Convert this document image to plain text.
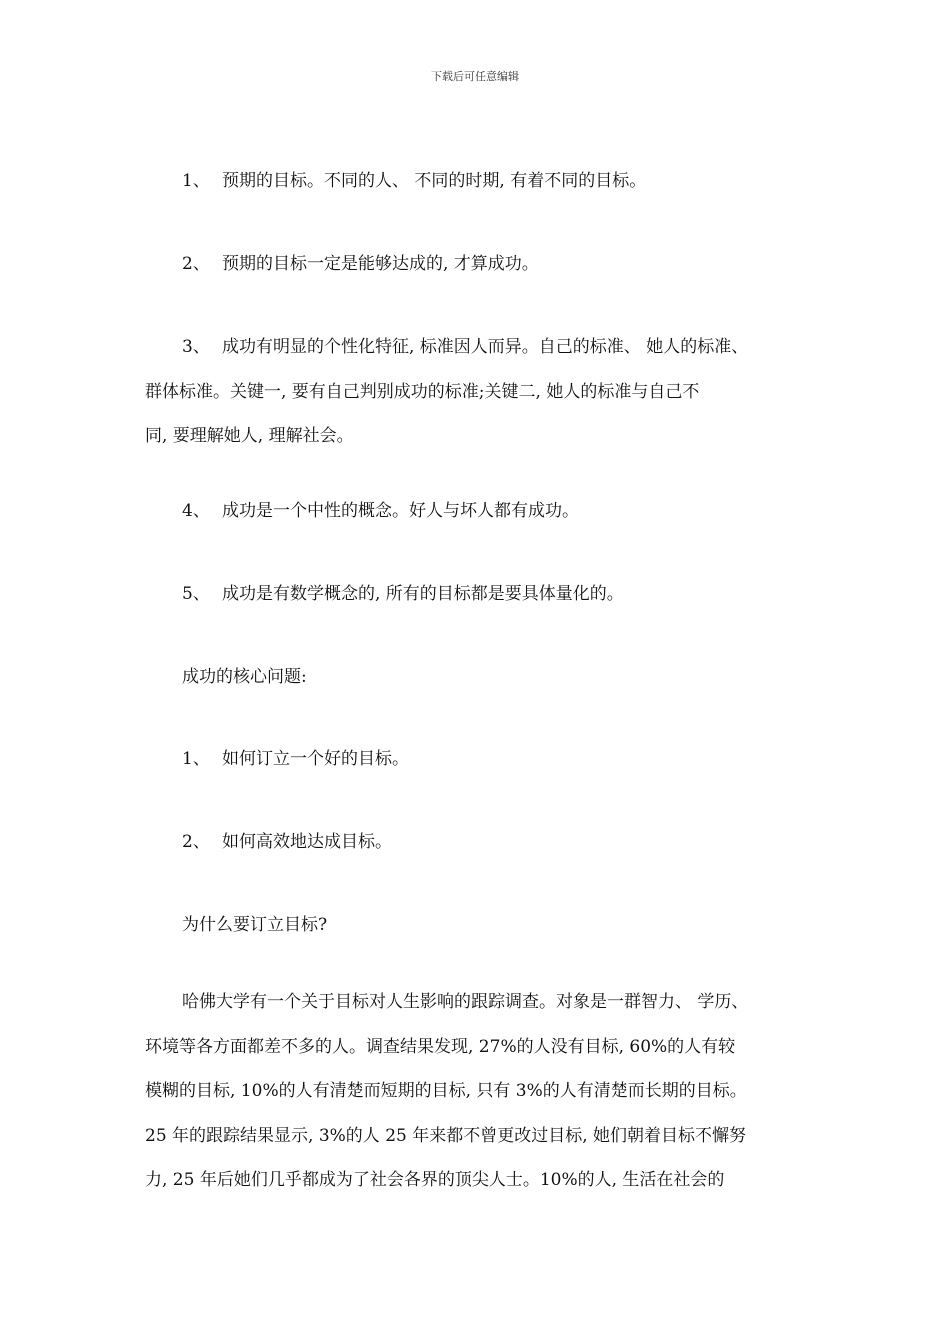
下载后可任意编辑

1、 预期的目标。不同的人、 不同的时期, 有着不同的目标。

2、 预期的目标一定是能够达成的, 才算成功。

3、 成功有明显的个性化特征, 标准因人而异。自己的标准、 她人的标准、
群体标准。关键一, 要有自己判别成功的标准;关键二, 她人的标准与自己不
同, 要理解她人, 理解社会。

4、 成功是一个中性的概念。好人与坏人都有成功。

5、 成功是有数学概念的, 所有的目标都是要具体量化的。

成功的核心问题:

1、 如何订立一个好的目标。

2、 如何高效地达成目标。

为什么要订立目标?

哈佛大学有一个关于目标对人生影响的跟踪调查。对象是一群智力、 学历、
环境等各方面都差不多的人。调查结果发现, 27%的人没有目标, 60%的人有较
模糊的目标, 10%的人有清楚而短期的目标, 只有 3%的人有清楚而长期的目标。
25 年的跟踪结果显示, 3%的人 25 年来都不曾更改过目标, 她们朝着目标不懈努
力, 25 年后她们几乎都成为了社会各界的顶尖人士。10%的人, 生活在社会的
